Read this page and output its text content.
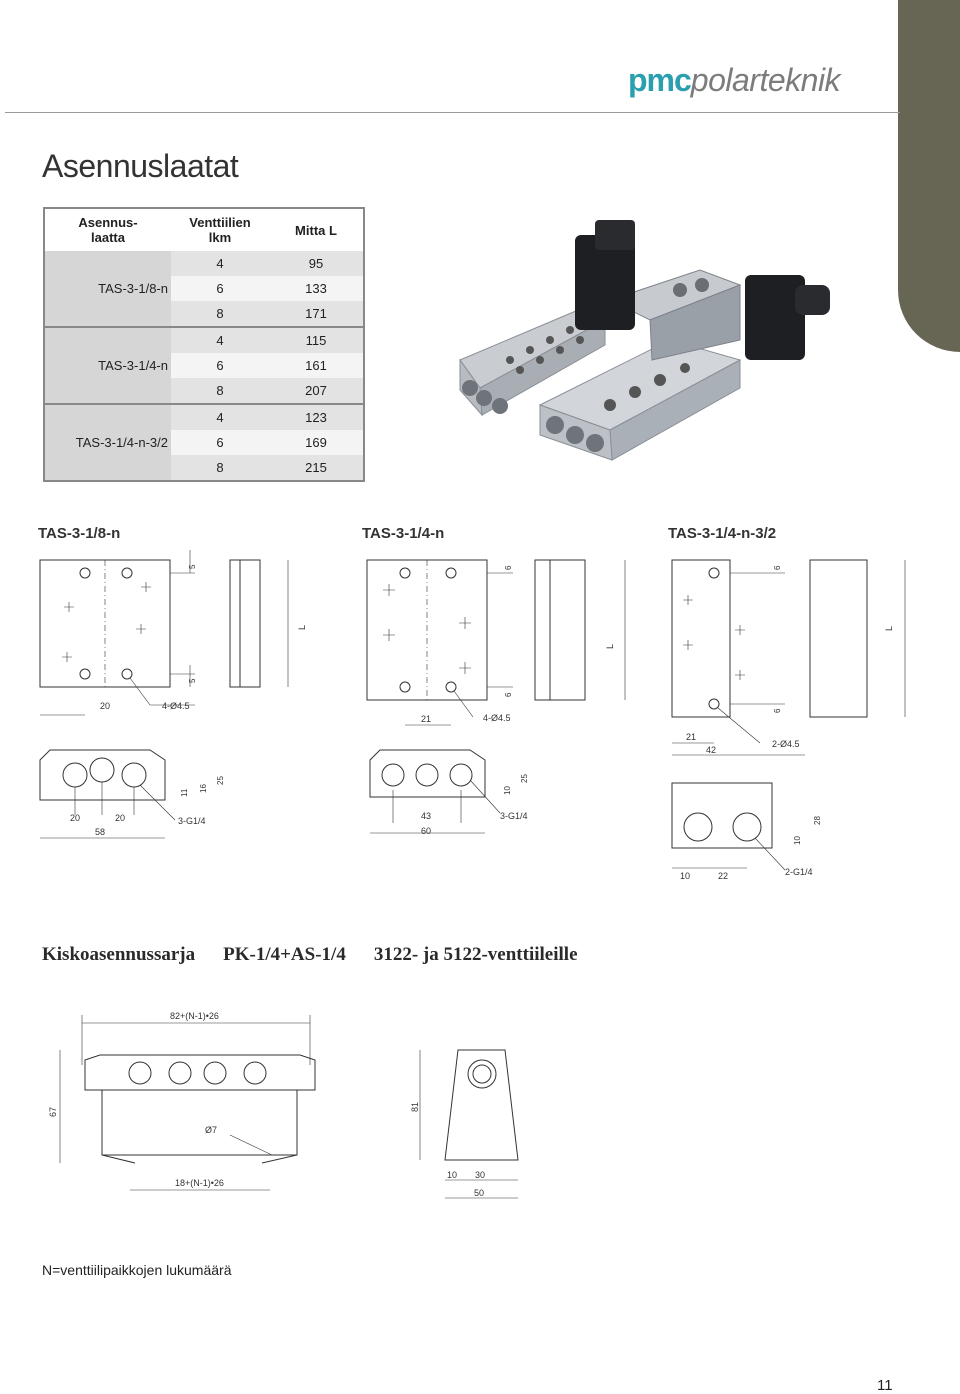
pmcpolarteknik
Asennuslaatat
Asennus-
laatta	Venttiilien
lkm	Mitta L
	4	95
TAS-3-1/8-n	6	133
	8	171
	4	115
TAS-3-1/4-n	6	161
	8	207
	4	123
TAS-3-1/4-n-3/2	6	169
	8	215
TAS-3-1/8-n	TAS-3-1/4-n	TAS-3-1/4-n-3/2
5
5
20	4-Ø4.5
L
20	20
58
3-G1/4
11 16
25
6
6
21	4-Ø4.5
L
43
60
3-G1/4
10
25
6
6
L
21
42
2-Ø4.5
10	22	2-G1/4
10
28
Kiskoasennussarja PK-1/4+AS-1/4 3122- ja 5122-venttiileille
82+(N-1)•26
67
Ø7
18+(N-1)•26
81
10 30
50
N=venttiilipaikkojen lukumäärä
11
